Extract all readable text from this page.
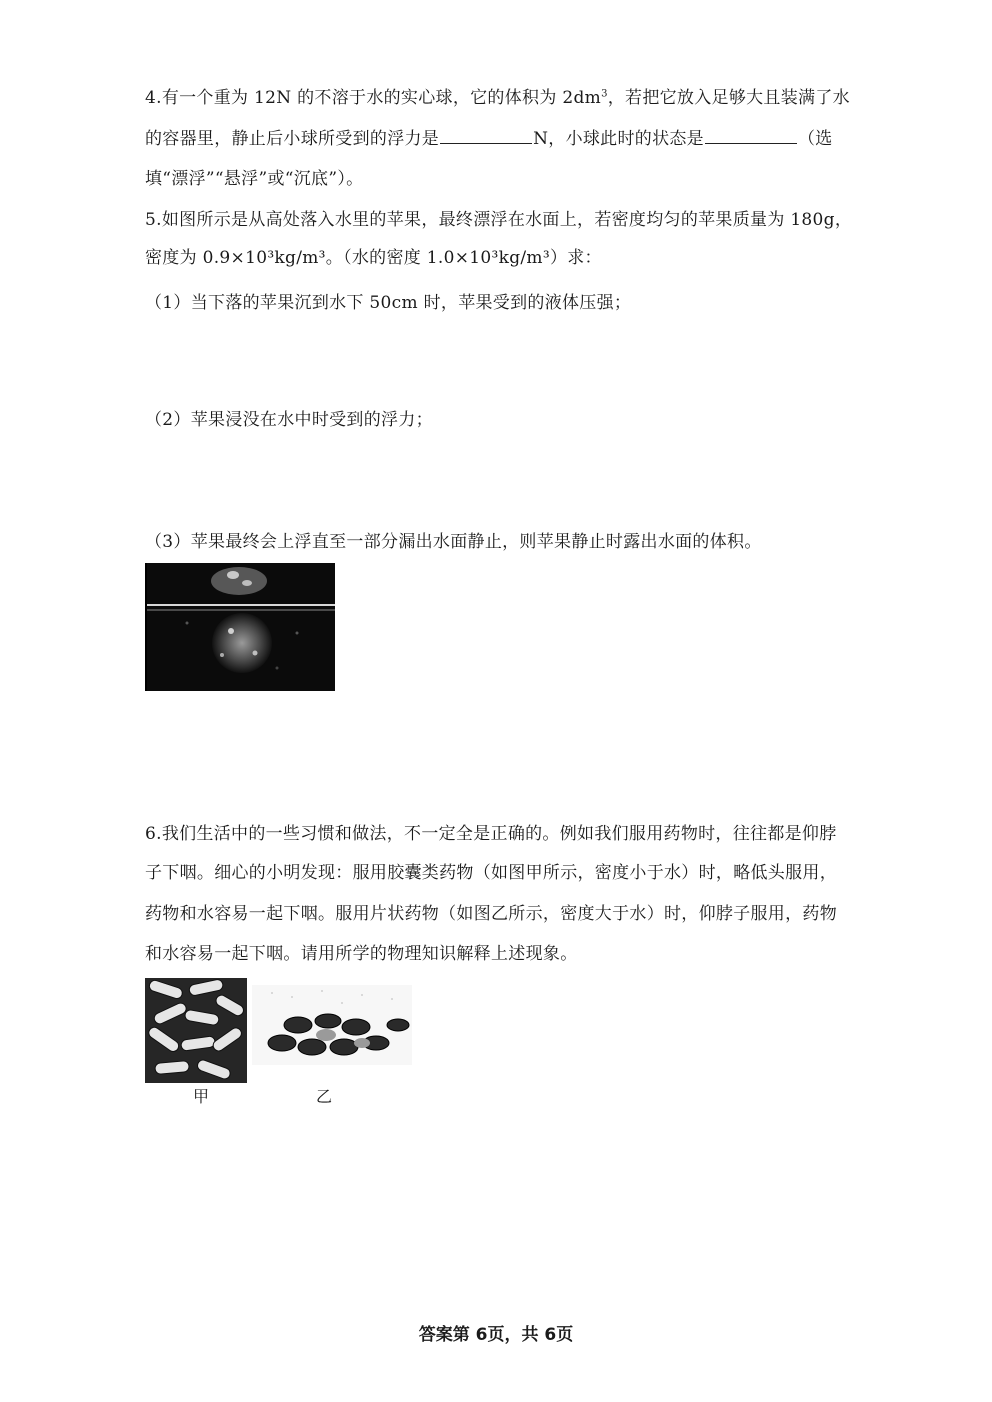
4.有一个重为 12N 的不溶于水的实心球，它的体积为 $2dm^3$，若把它放入足够大且装满了水
的容器里，静止后小球所受到的浮力是	N，小球此时的状态是	（选
填“漂浮”“悬浮”或“沉底”）。
5.如图所示是从高处落入水里的苹果，最终漂浮在水面上，若密度均匀的苹果质量为 180g，
密度为 0.9×10³kg/m³。（水的密度 1.0×10³kg/m³）求：
（1）当下落的苹果沉到水下 50cm 时，苹果受到的液体压强；
（2）苹果浸没在水中时受到的浮力；
（3）苹果最终会上浮直至一部分漏出水面静止，则苹果静止时露出水面的体积。
6.我们生活中的一些习惯和做法，不一定全是正确的。例如我们服用药物时，往往都是仰脖
子下咽。细心的小明发现：服用胶囊类药物（如图甲所示，密度小于水）时，略低头服用，
药物和水容易一起下咽。服用片状药物（如图乙所示，密度大于水）时，仰脖子服用，药物
和水容易一起下咽。请用所学的物理知识解释上述现象。
甲	乙
答案第 6页，共 6页
